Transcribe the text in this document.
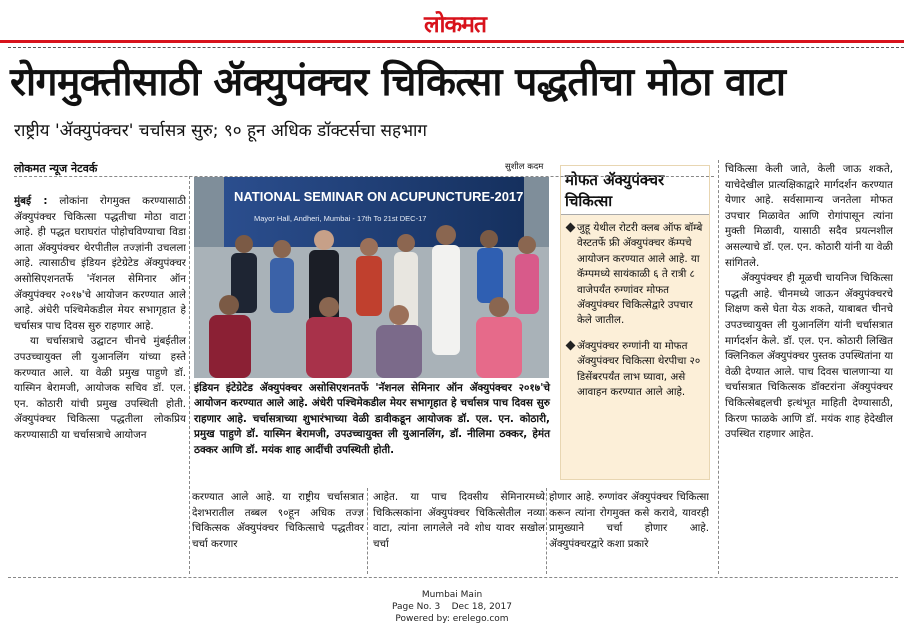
लोकमत
रोगमुक्तीसाठी ॲक्युपंक्चर चिकित्सा पद्धतीचा मोठा वाटा
राष्ट्रीय 'ॲक्युपंक्चर' चर्चासत्र सुरु; ९० हून अधिक डॉक्टर्सचा सहभाग
लोकमत न्यूज नेटवर्क	सुशील कदम

मुंबई : लोकांना रोगमुक्त करण्यासाठी ॲक्युपंक्चर चिकित्सा पद्धतीचा मोठा वाटा आहे. ही पद्धत घराघरांत पोहोचविण्याचा विडा आता ॲक्युपंक्चर थेरपीतील तज्ज्ञांनी उचलला आहे. त्यासाठीच इंडियन इंटेग्रेटेड ॲक्युपंक्चर असोसिएशनतर्फे 'नॅशनल सेमिनार ऑन ॲक्युपंक्चर २०१७'चे आयोजन करण्यात आले आहे. अंधेरी पश्चिमेकडील मेयर सभागृहात हे चर्चासत्र पाच दिवस सुरु राहणार आहे.

या चर्चासत्राचे उद्घाटन चीनचे मुंबईतील उपउच्चायुक्त ली युआनलिंग यांच्या हस्ते करण्यात आले. या वेळी प्रमुख पाहुणे डॉ. यास्मिन बेरामजी, आयोजक सचिव डॉ. एल. एन. कोठारी यांची प्रमुख उपस्थिती होती. ॲक्युपंक्चर चिकित्सा पद्धतीला लोकप्रिय करण्यासाठी या चर्चासत्राचे आयोजन

NATIONAL SEMINAR ON ACUPUNCTURE-2017
Mayor Hall, Andheri, Mumbai - 17th To 21st DEC-17
इंडियन इंटेग्रेटेड ॲक्युपंक्चर असोसिएशनतर्फे 'नॅशनल सेमिनार ऑन ॲक्युपंक्चर २०१७'चे आयोजन करण्यात आले आहे. अंधेरी पश्चिमेकडील मेयर सभागृहात हे चर्चासत्र पाच दिवस सुरु राहणार आहे. चर्चासत्राच्या शुभारंभाच्या वेळी डावीकडून आयोजक डॉ. एल. एन. कोठारी, प्रमुख पाहुणे डॉ. यास्मिन बेरामजी, उपउच्चायुक्त ली युआनलिंग, डॉ. नीलिमा ठक्कर, हेमंत ठक्कर आणि डॉ. मयंक शाह आदींची उपस्थिती होती.
मोफत ॲक्युपंक्चर चिकित्सा
जुहू येथील रोटरी क्लब ऑफ बॉम्बे वेस्टतर्फे फ्री ॲक्युपंक्चर कॅम्पचे आयोजन करण्यात आले आहे. या कॅम्पमध्ये सायंकाळी ६ ते रात्री ८ वाजेपर्यंत रुग्णांवर मोफत ॲक्युपंक्चर चिकित्सेद्वारे उपचार केले जातील.
ॲक्युपंक्चर रुग्णांनी या मोफत ॲक्युपंक्चर चिकित्सा थेरपीचा २० डिसेंबरपर्यंत लाभ घ्यावा, असे आवाहन करण्यात आले आहे.
करण्यात आले आहे. या राष्ट्रीय चर्चासत्रात देशभरातील तब्बल ९०हून अधिक तज्ज्ञ चिकित्सक ॲक्युपंक्चर चिकित्साचे पद्धतीवर चर्चा करणार
आहेत. या पाच दिवसीय सेमिनारमध्ये चिकित्सकांना ॲक्युपंक्चर चिकित्सेतील नव्या वाटा, त्यांना लागलेले नवे शोध यावर सखोल चर्चा
होणार आहे. रुग्णांवर ॲक्युपंक्चर चिकित्सा करून त्यांना रोगमुक्त कसे करावे, यावरही प्रामुख्याने चर्चा होणार आहे. ॲक्युपंक्चरद्वारे कशा प्रकारे

चिकित्सा केली जाते, केली जाऊ शकते, याचेदेखील प्रात्यक्षिकाद्वारे मार्गदर्शन करण्यात येणार आहे. सर्वसामान्य जनतेला मोफत उपचार मिळावेत आणि रोगांपासून त्यांना मुक्ती मिळावी, यासाठी सदैव प्रयत्नशील असल्याचे डॉ. एल. एन. कोठारी यांनी या वेळी सांगितले.

ॲक्युपंक्चर ही मूळची चायनिज चिकित्सा पद्धती आहे. चीनमध्ये जाऊन ॲक्युपंक्चरचे शिक्षण कसे घेता येऊ शकते, याबाबत चीनचे उपउच्चायुक्त ली युआनलिंग यांनी चर्चासत्रात मार्गदर्शन केले. डॉ. एल. एन. कोठारी लिखित क्लिनिकल ॲक्युपंक्चर पुस्तक उपस्थितांना या वेळी देण्यात आले. पाच दिवस चालणाऱ्या या चर्चासत्रात चिकित्सक डॉक्टरांना ॲक्युपंक्चर चिकित्सेबद्दलची इत्थंभूत माहिती देण्यासाठी, किरण फाळके आणि डॉ. मयंक शाह हेदेखील उपस्थित राहणार आहेत.

Mumbai Main
Page No. 3    Dec 18, 2017
Powered by: erelego.com
